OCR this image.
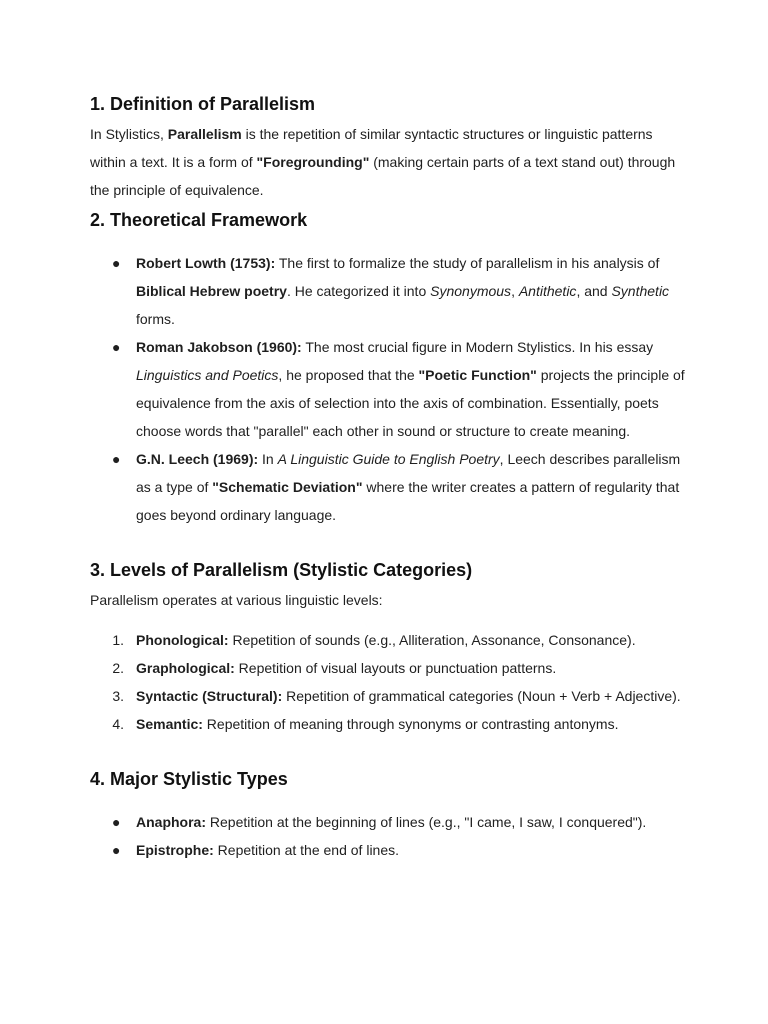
1. Definition of Parallelism

In Stylistics, Parallelism is the repetition of similar syntactic structures or linguistic patterns within a text. It is a form of "Foregrounding" (making certain parts of a text stand out) through the principle of equivalence.

2. Theoretical Framework
● Robert Lowth (1753): The first to formalize the study of parallelism in his analysis of Biblical Hebrew poetry. He categorized it into Synonymous, Antithetic, and Synthetic forms.
● Roman Jakobson (1960): The most crucial figure in Modern Stylistics. In his essay Linguistics and Poetics, he proposed that the "Poetic Function" projects the principle of equivalence from the axis of selection into the axis of combination. Essentially, poets choose words that "parallel" each other in sound or structure to create meaning.
● G.N. Leech (1969): In A Linguistic Guide to English Poetry, Leech describes parallelism as a type of "Schematic Deviation" where the writer creates a pattern of regularity that goes beyond ordinary language.
3. Levels of Parallelism (Stylistic Categories)

Parallelism operates at various linguistic levels:

1. Phonological: Repetition of sounds (e.g., Alliteration, Assonance, Consonance).
2. Graphological: Repetition of visual layouts or punctuation patterns.
3. Syntactic (Structural): Repetition of grammatical categories (Noun + Verb + Adjective).
4. Semantic: Repetition of meaning through synonyms or contrasting antonyms.
4. Major Stylistic Types
● Anaphora: Repetition at the beginning of lines (e.g., "I came, I saw, I conquered").
● Epistrophe: Repetition at the end of lines.
